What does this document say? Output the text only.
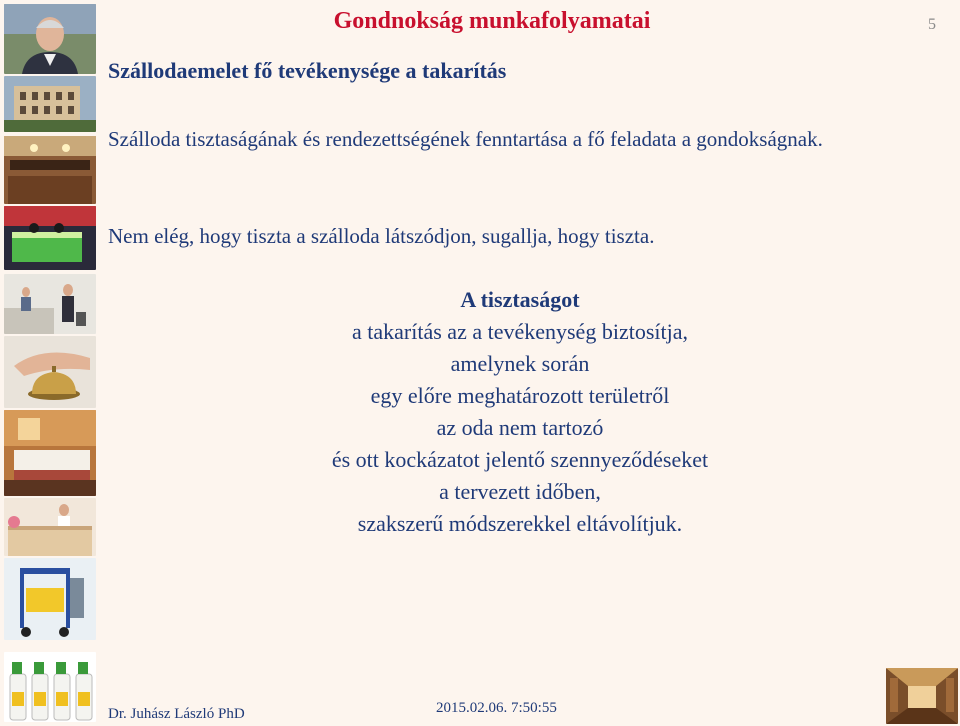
Gondnokság munkafolyamatai	5
Szállodaemelet fő tevékenysége a takarítás
Szálloda tisztaságának és rendezettségének fenntartása a fő feladata a gondokságnak.
Nem elég, hogy tiszta a szálloda látszódjon, sugallja, hogy tiszta.
A tisztaságot
a takarítás az a tevékenység biztosítja,
amelynek során
egy előre meghatározott területről
az oda nem tartozó
és ott kockázatot jelentő szennyeződéseket
a tervezett időben,
szakszerű módszerekkel eltávolítjuk.
Dr. Juhász László PhD	2015.02.06. 7:50:55
